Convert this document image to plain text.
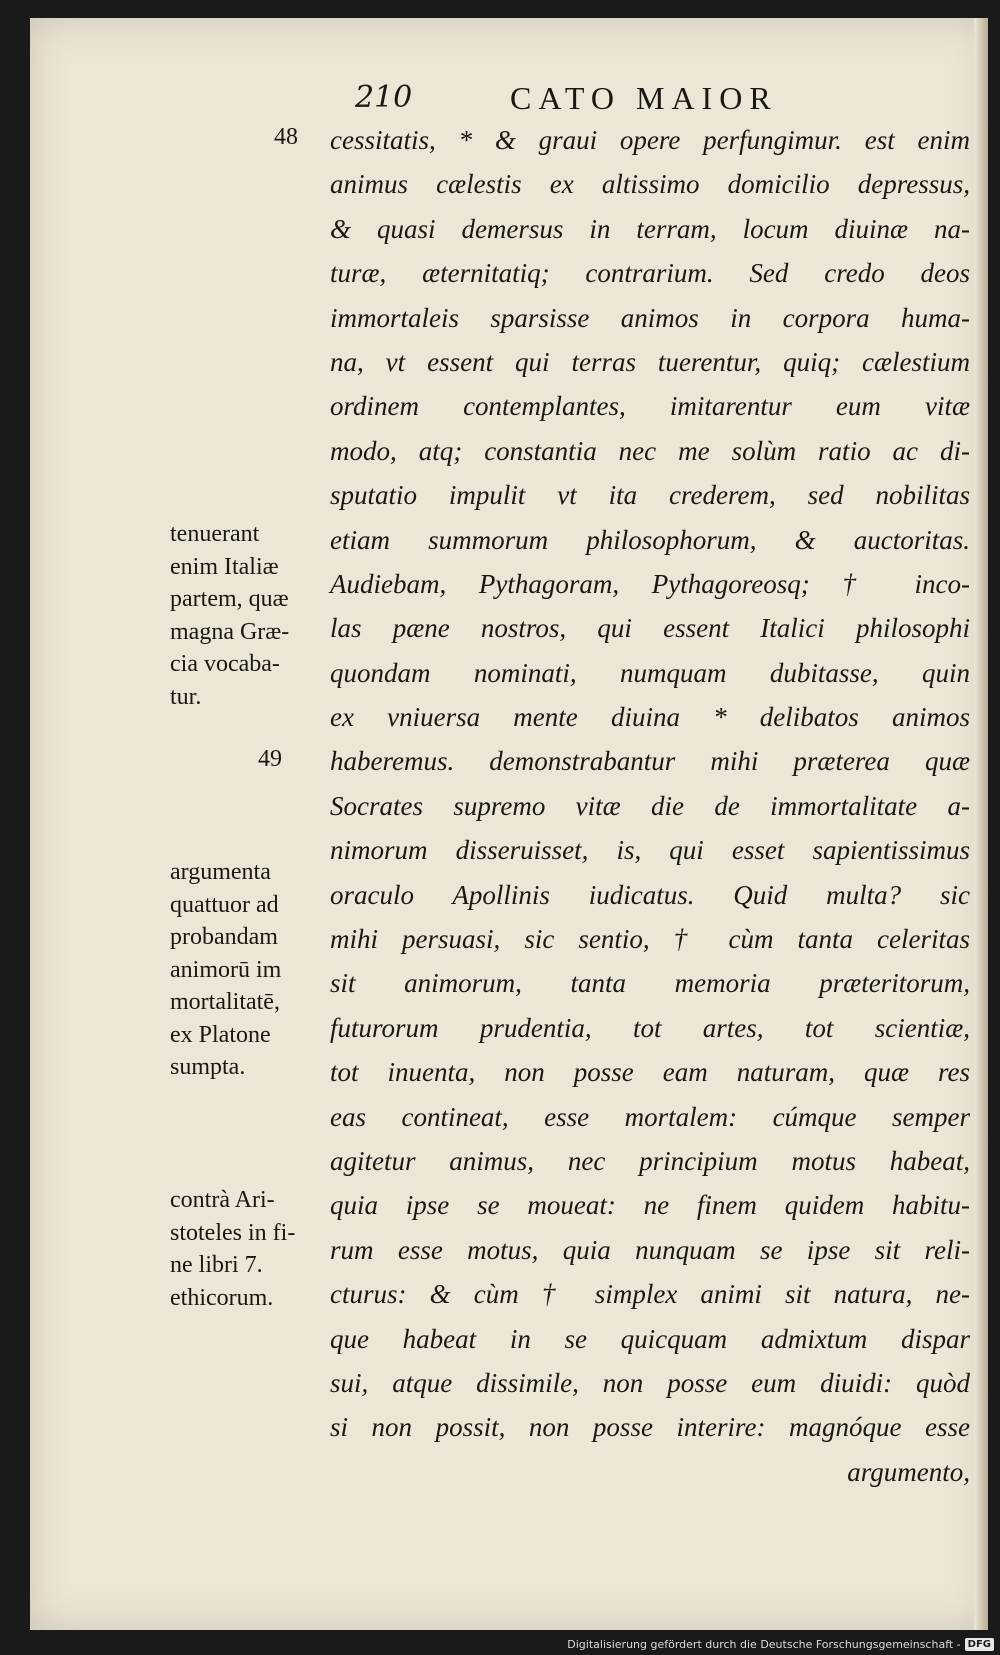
210	CATO MAIOR
48
49
cessitatis, * & graui opere perfungimur. est enim
animus cælestis ex altissimo domicilio depressus,
& quasi demersus in terram, locum diuinæ na-
turæ, æternitatiq; contrarium. Sed credo deos
immortaleis sparsisse animos in corpora huma-
na, vt essent qui terras tuerentur, quiq; cælestium
ordinem contemplantes, imitarentur eum vitæ
modo, atq; constantia nec me solùm ratio ac di-
sputatio impulit vt ita crederem, sed nobilitas
etiam summorum philosophorum, & auctoritas.
Audiebam, Pythagoram, Pythagoreosq; † inco-
las pæne nostros, qui essent Italici philosophi
quondam nominati, numquam dubitasse, quin
ex vniuersa mente diuina * delibatos animos
haberemus. demonstrabantur mihi præterea quæ
Socrates supremo vitæ die de immortalitate a-
nimorum disseruisset, is, qui esset sapientissimus
oraculo Apollinis iudicatus. Quid multa? sic
mihi persuasi, sic sentio, † cùm tanta celeritas
sit animorum, tanta memoria præteritorum,
futurorum prudentia, tot artes, tot scientiæ,
tot inuenta, non posse eam naturam, quæ res
eas contineat, esse mortalem: cúmque semper
agitetur animus, nec principium motus habeat,
quia ipse se moueat: ne finem quidem habitu-
rum esse motus, quia nunquam se ipse sit reli-
cturus: & cùm † simplex animi sit natura, ne-
que habeat in se quicquam admixtum dispar
sui, atque dissimile, non posse eum diuidi: quòd
si non possit, non posse interire: magnóque esse
argumento,
tenuerant
enim Italiæ
partem, quæ
magna Græ-
cia vocaba-
tur.
argumenta
quattuor ad
probandam
animorū im
mortalitatē,
ex Platone
sumpta.
contrà Ari-
stoteles in fi-
ne libri 7.
ethicorum.
Digitalisierung gefördert durch die Deutsche Forschungsgemeinschaft - DFG
